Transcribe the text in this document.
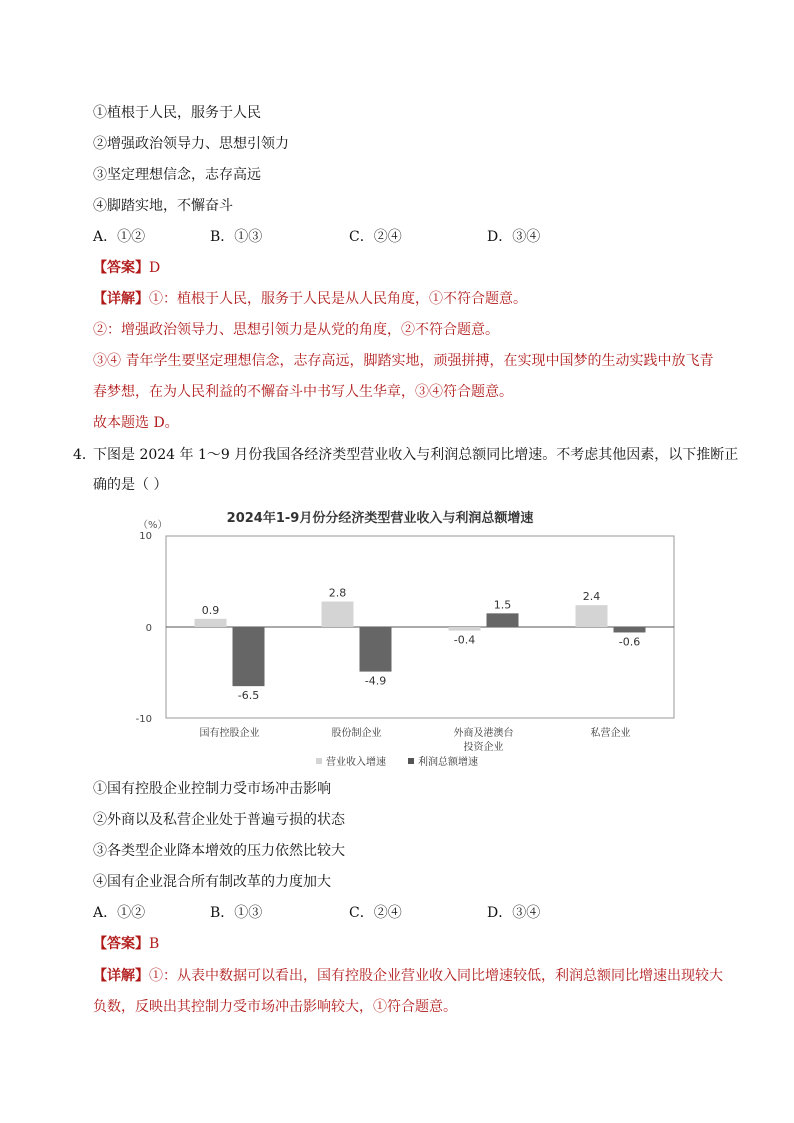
①植根于人民，服务于人民
②增强政治领导力、思想引领力
③坚定理想信念，志存高远
④脚踏实地，不懈奋斗
A．①②	B．①③	C．②④	D．③④
【答案】D
【详解】①：植根于人民，服务于人民是从人民角度，①不符合题意。
②：增强政治领导力、思想引领力是从党的角度，②不符合题意。
③④ 青年学生要坚定理想信念，志存高远，脚踏实地，顽强拼搏，在实现中国梦的生动实践中放飞青
春梦想，在为人民利益的不懈奋斗中书写人生华章，③④符合题意。
故本题选 D。
4．
下图是 2024 年 1～9 月份我国各经济类型营业收入与利润总额同比增速。不考虑其他因素，以下推断正
确的是（ ）
2024年1-9月份分经济类型营业收入与利润总额增速
（%）
10
0
-10
0.9
-6.5
2.8
-4.9
-0.4
1.5
2.4
-0.6
国有控股企业	股份制企业	外商及港澳台
投资企业
私营企业
营业收入增速	利润总额增速
①国有控股企业控制力受市场冲击影响
②外商以及私营企业处于普遍亏损的状态
③各类型企业降本增效的压力依然比较大
④国有企业混合所有制改革的力度加大
A．①②	B．①③	C．②④	D．③④
【答案】B
【详解】①：从表中数据可以看出，国有控股企业营业收入同比增速较低，利润总额同比增速出现较大
负数，反映出其控制力受市场冲击影响较大，①符合题意。
